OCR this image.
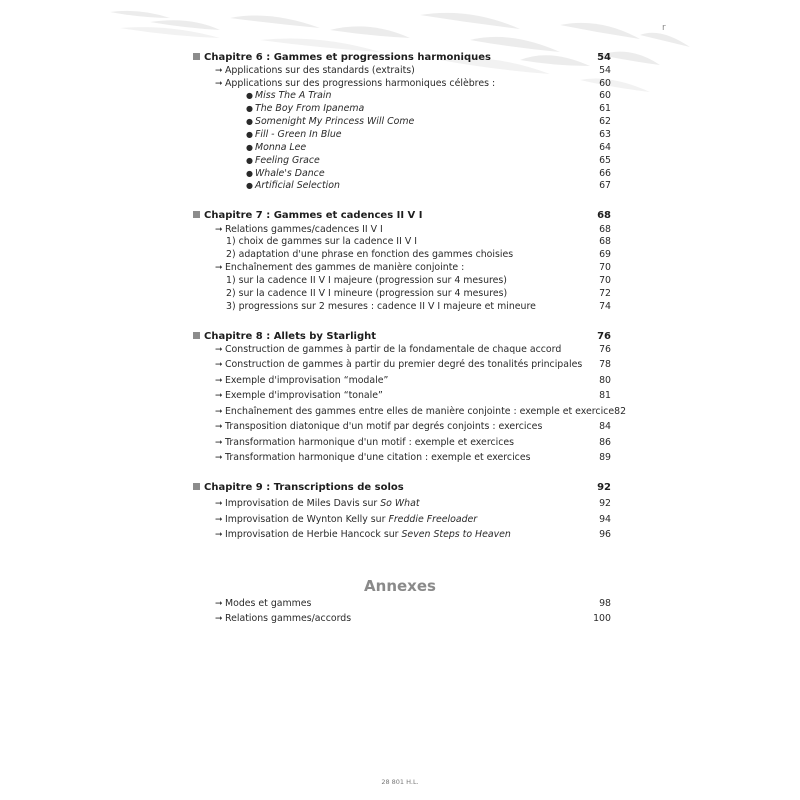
r
Chapitre 6 : Gammes et progressions harmoniques	54
➞ Applications sur des standards (extraits)	54
➞ Applications sur des progressions harmoniques célèbres :	60
● Miss The A Train	60
● The Boy From Ipanema	61
● Somenight My Princess Will Come	62
● Fill - Green In Blue	63
● Monna Lee	64
● Feeling Grace	65
● Whale's Dance	66
● Artificial Selection	67
Chapitre 7 : Gammes et cadences II V I	68
➞ Relations gammes/cadences II V I	68
1) choix de gammes sur la cadence II V I	68
2) adaptation d'une phrase en fonction des gammes choisies	69
➞ Enchaînement des gammes de manière conjointe :	70
1) sur la cadence II V I majeure (progression sur 4 mesures)	70
2) sur la cadence II V I mineure (progression sur 4 mesures)	72
3) progressions sur 2 mesures : cadence II V I majeure et mineure	74
Chapitre 8 : Allets by Starlight	76
➞ Construction de gammes à partir de la fondamentale de chaque accord	76
➞ Construction de gammes à partir du premier degré des tonalités principales 78
➞ Exemple d'improvisation “modale”	80
➞ Exemple d'improvisation “tonale”	81
➞ Enchaînement des gammes entre elles de manière conjointe : exemple et exercice 82
➞ Transposition diatonique d'un motif par degrés conjoints : exercices	84
➞ Transformation harmonique d'un motif : exemple et exercices	86
➞ Transformation harmonique d'une citation : exemple et exercices	89
Chapitre 9 : Transcriptions de solos	92
➞ Improvisation de Miles Davis sur So What	92
➞ Improvisation de Wynton Kelly sur Freddie Freeloader	94
➞ Improvisation de Herbie Hancock sur Seven Steps to Heaven	96
➞ Modes et gammes	98
➞ Relations gammes/accords	100
Annexes
28 801 H.L.
